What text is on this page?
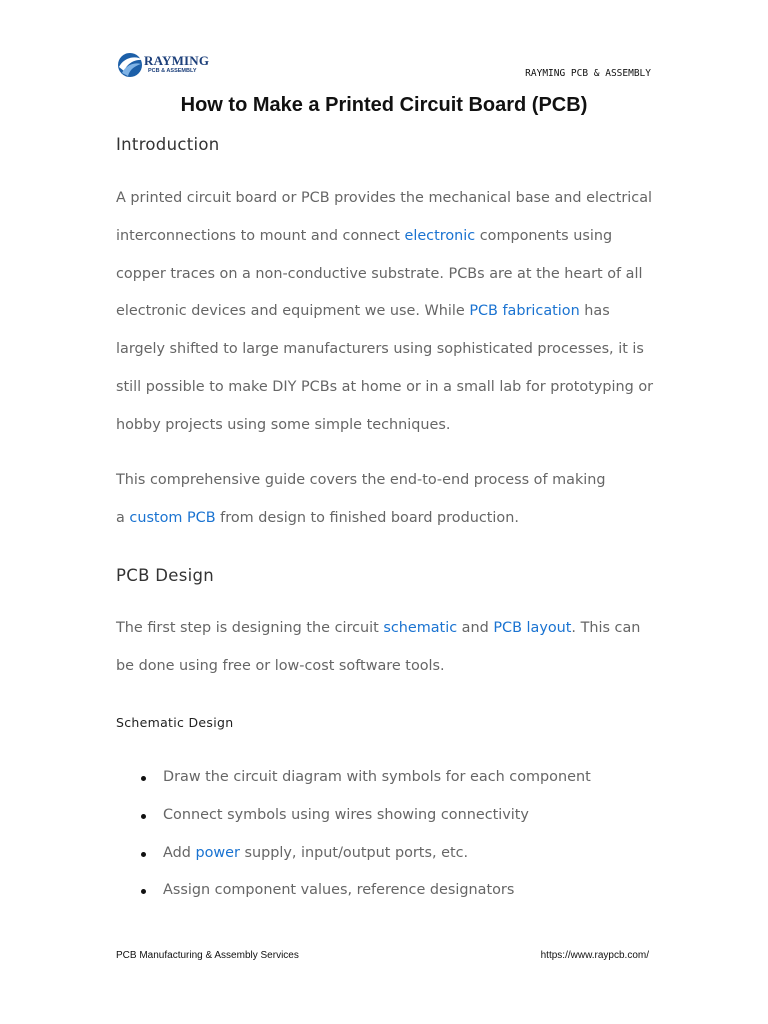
RAYMING
PCB & ASSEMBLY	RAYMING PCB & ASSEMBLY
How to Make a Printed Circuit Board (PCB)
Introduction
A printed circuit board or PCB provides the mechanical base and electrical
interconnections to mount and connect electronic components using
copper traces on a non-conductive substrate. PCBs are at the heart of all
electronic devices and equipment we use. While PCB fabrication has
largely shifted to large manufacturers using sophisticated processes, it is
still possible to make DIY PCBs at home or in a small lab for prototyping or
hobby projects using some simple techniques.
This comprehensive guide covers the end-to-end process of making
a custom PCB from design to finished board production.
PCB Design
The first step is designing the circuit schematic and PCB layout. This can
be done using free or low-cost software tools.
Schematic Design
Draw the circuit diagram with symbols for each component
Connect symbols using wires showing connectivity
Add power supply, input/output ports, etc.
Assign component values, reference designators
PCB Manufacturing & Assembly Services	https://www.raypcb.com/
